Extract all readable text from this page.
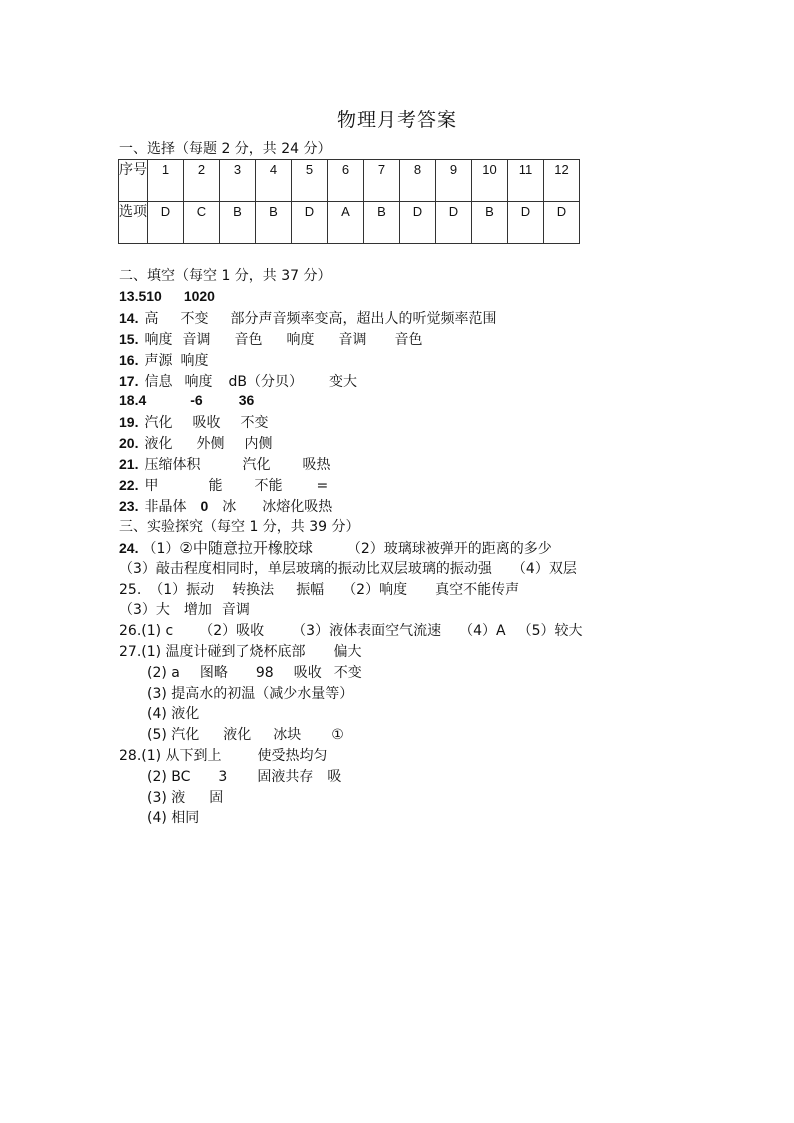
物理月考答案
一、选择（每题 2 分，共 24 分）
序号	1	2	3	4	5	6	7	8	9	10	11	12
选项	D	C	B	B	D	A	B	D	D	B	D	D
二、填空（每空 1 分，共 37 分）
13.510 1020
14. 高 不变 部分声音频率变高，超出人的听觉频率范围
15. 响度 音调 音色 响度 音调 音色
16. 声源 响度
17. 信息 响度 dB（分贝） 变大
18.4	-6	36
19. 汽化 吸收 不变
20. 液化 外侧 内侧
21. 压缩体积	汽化 吸热
22. 甲	能 不能 =
23. 非晶体 0 冰 冰熔化吸热
三、实验探究（每空 1 分，共 39 分）
24. （1）②中随意拉开橡胶球 （2）玻璃球被弹开的距离的多少
（3）敲击程度相同时，单层玻璃的振动比双层玻璃的振动强 （4）双层
25. （1）振动 转换法 振幅 （2）响度 真空不能传声
（3）大 增加 音调
26.(1) c （2）吸收 （3）液体表面空气流速 （4）A （5）较大
27.(1) 温度计碰到了烧杯底部 偏大
(2) a 图略 98 吸收 不变
(3) 提高水的初温（减少水量等）
(4) 液化
(5) 汽化 液化 冰块 ①
28.(1) 从下到上	使受热均匀
(2) BC 3 固液共存 吸
(3) 液 固
(4) 相同
